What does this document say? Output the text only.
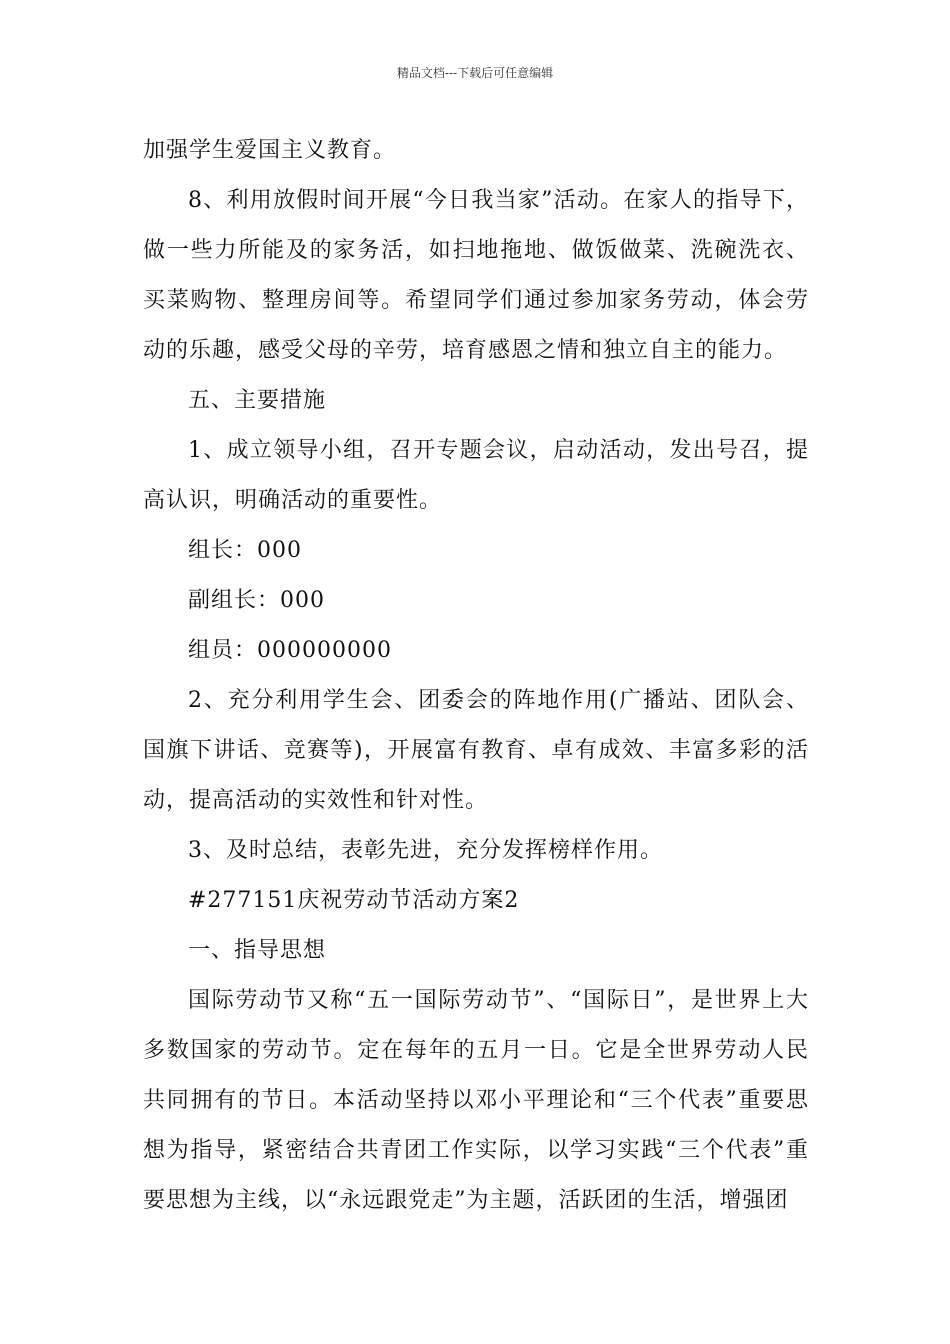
精品文档---下载后可任意编辑

加强学生爱国主义教育。

8、利用放假时间开展“今日我当家”活动。在家人的指导下，做一些力所能及的家务活，如扫地拖地、做饭做菜、洗碗洗衣、买菜购物、整理房间等。希望同学们通过参加家务劳动，体会劳动的乐趣，感受父母的辛劳，培育感恩之情和独立自主的能力。

五、主要措施

1、成立领导小组，召开专题会议，启动活动，发出号召，提高认识，明确活动的重要性。

组长：000

副组长：000

组员：000000000

2、充分利用学生会、团委会的阵地作用(广播站、团队会、国旗下讲话、竞赛等)，开展富有教育、卓有成效、丰富多彩的活动，提高活动的实效性和针对性。

3、及时总结，表彰先进，充分发挥榜样作用。

#277151庆祝劳动节活动方案2

一、指导思想

国际劳动节又称“五一国际劳动节”、“国际日”，是世界上大多数国家的劳动节。定在每年的五月一日。它是全世界劳动人民共同拥有的节日。本活动坚持以邓小平理论和“三个代表”重要思想为指导，紧密结合共青团工作实际，以学习实践“三个代表”重要思想为主线，以“永远跟党走”为主题，活跃团的生活，增强团
